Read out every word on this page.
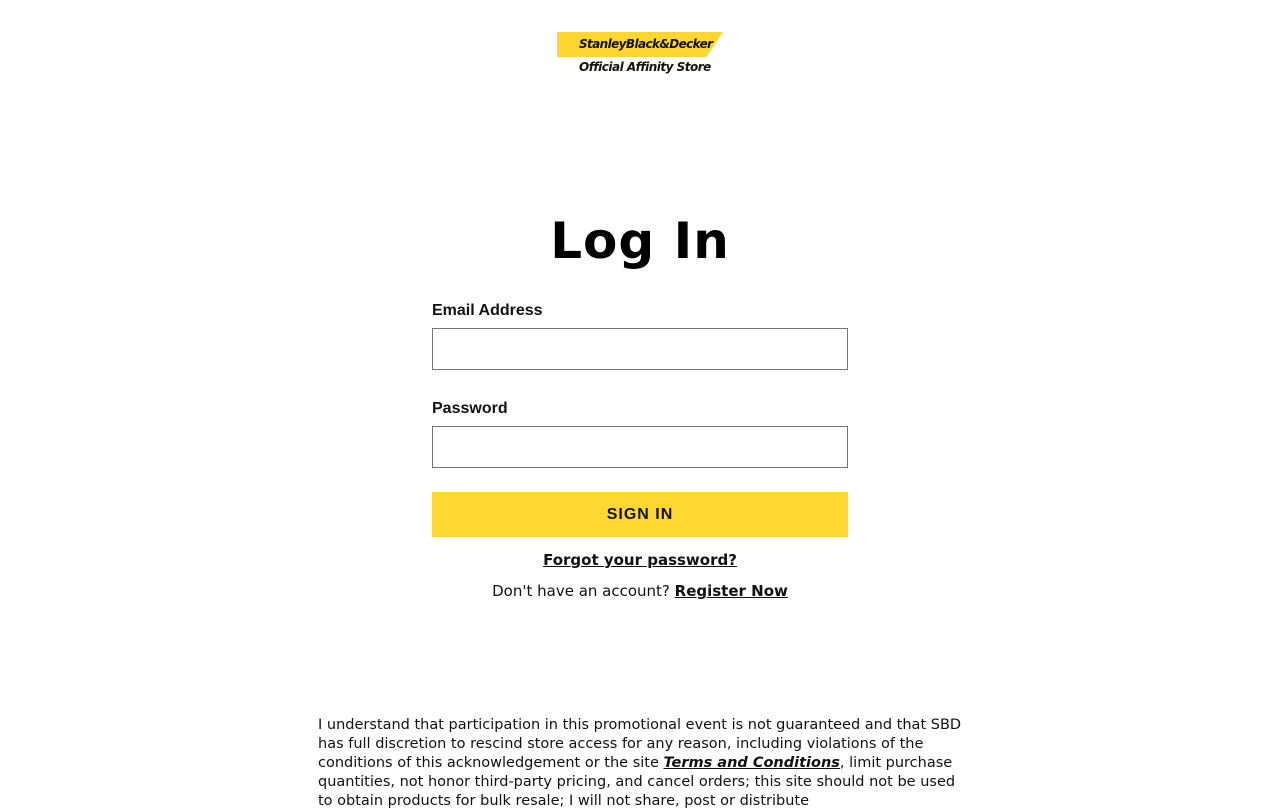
StanleyBlack&Decker
Official Affinity Store
Log In
Email Address
Password
SIGN IN
Forgot your password?
Don't have an account? Register Now

I understand that participation in this promotional event is not guaranteed and that SBD has full discretion to rescind store access for any reason, including violations of the conditions of this acknowledgement or the site Terms and Conditions, limit purchase quantities, not honor third-party pricing, and cancel orders; this site should not be used to obtain products for bulk resale; I will not share, post or distribute
